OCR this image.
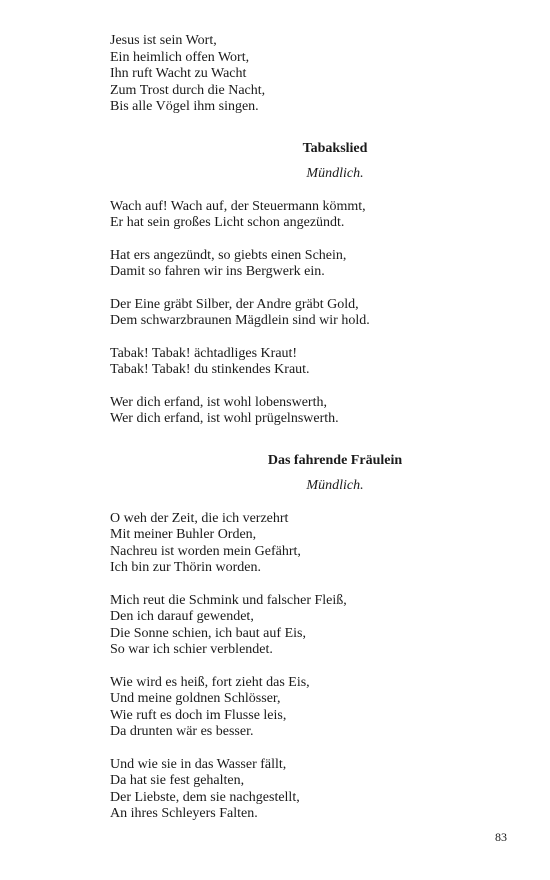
Jesus ist sein Wort,
Ein heimlich offen Wort,
Ihn ruft Wacht zu Wacht
Zum Trost durch die Nacht,
Bis alle Vögel ihm singen.
Tabakslied
Mündlich.
Wach auf! Wach auf, der Steuermann kömmt,
Er hat sein großes Licht schon angezündt.
Hat ers angezündt, so giebts einen Schein,
Damit so fahren wir ins Bergwerk ein.
Der Eine gräbt Silber, der Andre gräbt Gold,
Dem schwarzbraunen Mägdlein sind wir hold.
Tabak! Tabak! ächtadliges Kraut!
Tabak! Tabak! du stinkendes Kraut.
Wer dich erfand, ist wohl lobenswerth,
Wer dich erfand, ist wohl prügelnswerth.
Das fahrende Fräulein
Mündlich.
O weh der Zeit, die ich verzehrt
Mit meiner Buhler Orden,
Nachreu ist worden mein Gefährt,
Ich bin zur Thörin worden.
Mich reut die Schmink und falscher Fleiß,
Den ich darauf gewendet,
Die Sonne schien, ich baut auf Eis,
So war ich schier verblendet.
Wie wird es heiß, fort zieht das Eis,
Und meine goldnen Schlösser,
Wie ruft es doch im Flusse leis,
Da drunten wär es besser.
Und wie sie in das Wasser fällt,
Da hat sie fest gehalten,
Der Liebste, dem sie nachgestellt,
An ihres Schleyers Falten.
83
